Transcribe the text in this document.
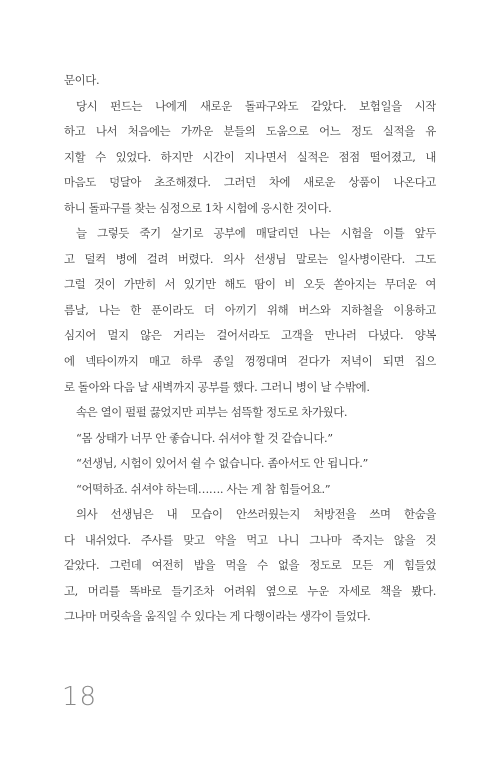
문이다.
당시 펀드는 나에게 새로운 돌파구와도 같았다. 보험일을 시작
하고 나서 처음에는 가까운 분들의 도움으로 어느 정도 실적을 유
지할 수 있었다. 하지만 시간이 지나면서 실적은 점점 떨어졌고, 내
마음도 덩달아 초조해졌다. 그러던 차에 새로운 상품이 나온다고
하니 돌파구를 찾는 심정으로 1차 시험에 응시한 것이다.
늘 그렇듯 죽기 살기로 공부에 매달리던 나는 시험을 이틀 앞두
고 덜컥 병에 걸려 버렸다. 의사 선생님 말로는 일사병이란다. 그도
그럴 것이 가만히 서 있기만 해도 땀이 비 오듯 쏟아지는 무더운 여
름날, 나는 한 푼이라도 더 아끼기 위해 버스와 지하철을 이용하고
심지어 멀지 않은 거리는 걸어서라도 고객을 만나러 다녔다. 양복
에 넥타이까지 매고 하루 종일 껑껑대며 걷다가 저녁이 되면 집으
로 돌아와 다음 날 새벽까지 공부를 했다. 그러니 병이 날 수밖에.
속은 열이 펄펄 끓었지만 피부는 섬뜩할 정도로 차가웠다.
“몸 상태가 너무 안 좋습니다. 쉬셔야 할 것 같습니다.”
“선생님, 시험이 있어서 쉴 수 없습니다. 좀아서도 안 됩니다.”
“어떡하죠. 쉬셔야 하는데……. 사는 게 참 힘들어요.”
의사 선생님은 내 모습이 안쓰러웠는지 처방전을 쓰며 한숨을
다 내쉬었다. 주사를 맞고 약을 먹고 나니 그나마 죽지는 않을 것
같았다. 그런데 여전히 밥을 먹을 수 없을 정도로 모든 게 힘들었
고, 머리를 똑바로 들기조차 어려워 옆으로 누운 자세로 책을 봤다.
그나마 머릿속을 움직일 수 있다는 게 다행이라는 생각이 들었다.
18
